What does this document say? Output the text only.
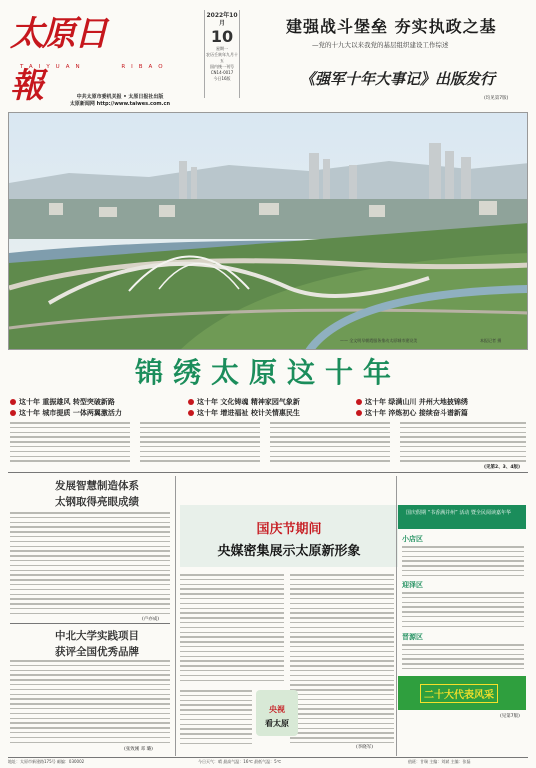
太原日報
TAIYUAN RIBAO
中共太原市委机关报 • 太原日报社出版
太原新闻网 http://www.taiwes.com.cn
2022年10月
10
星期一
农历壬寅年九月十五
国内统一刊号
CN14-0017
今日16版
建强战斗堡垒 夯实执政之基
—党的十九大以来我党的基层组织建设工作综述
《强军十年大事记》出版发行
(均见第7版)
—— 全文明早朝霞服务推动太原城市建设美	本报记者 摄
锦绣太原这十年
这十年 重振雄风 转型突破新路	这十年 文化铸魂 精神家园气象新	这十年 绿满山川 并州大地披锦绣
这十年 城市提质 一体两翼激活力	这十年 增进福祉 校计关情惠民生	这十年 淬炼初心 接续奋斗谱新篇
(见第2、3、4版)
发展智慧制造体系
太钢取得亮眼成绩
(卢亦成)
中北大学实践项目
获评全国优秀品牌
(张致刚 邓 璐)
国庆节期间
央媒密集展示太原新形象
央视
看太原
(李晓军)
国庆假期 “书香满并州” 活动 暨全民阅读嘉年华
小店区
迎泽区
晋源区
二十大代表风采
(见第7版)
地址：太原市新建路175号 邮编：030002	今日天气：晴 最高气温：16℃ 最低气温：5℃	值班：甘瑞 主编：刘斌 主编：张磊
